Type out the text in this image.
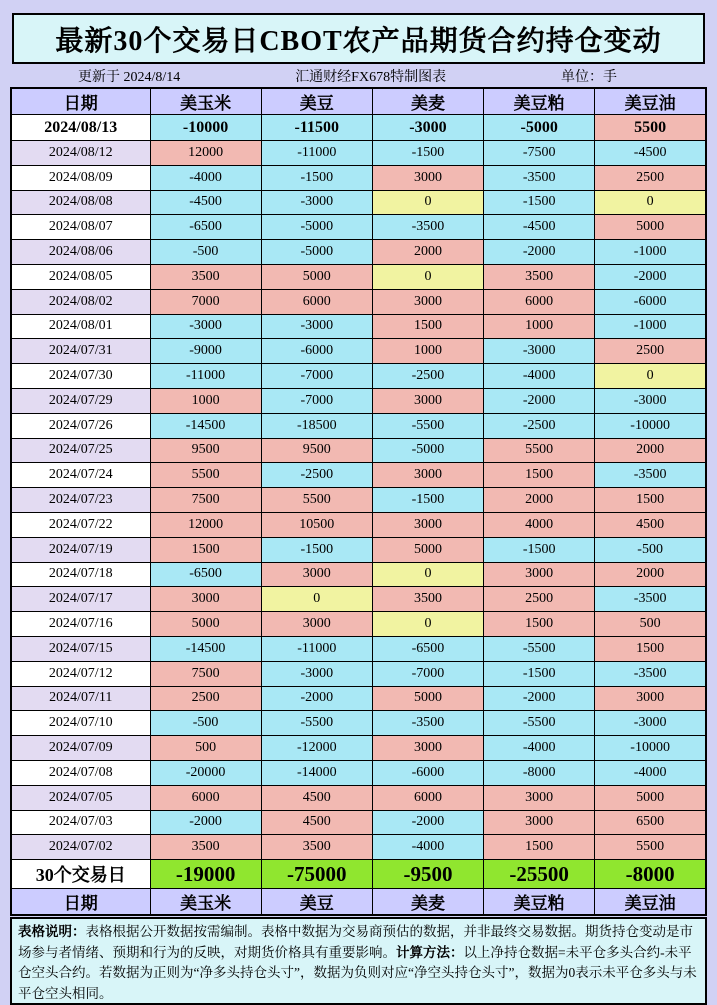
最新30个交易日CBOT农产品期货合约持仓变动
更新于 2024/8/14	汇通财经FX678特制图表	单位：手
日期	美玉米	美豆	美麦	美豆粕	美豆油
2024/08/13	-10000	-11500	-3000	-5000	5500
2024/08/12	12000	-11000	-1500	-7500	-4500
2024/08/09	-4000	-1500	3000	-3500	2500
2024/08/08	-4500	-3000	0	-1500	0
2024/08/07	-6500	-5000	-3500	-4500	5000
2024/08/06	-500	-5000	2000	-2000	-1000
2024/08/05	3500	5000	0	3500	-2000
2024/08/02	7000	6000	3000	6000	-6000
2024/08/01	-3000	-3000	1500	1000	-1000
2024/07/31	-9000	-6000	1000	-3000	2500
2024/07/30	-11000	-7000	-2500	-4000	0
2024/07/29	1000	-7000	3000	-2000	-3000
2024/07/26	-14500	-18500	-5500	-2500	-10000
2024/07/25	9500	9500	-5000	5500	2000
2024/07/24	5500	-2500	3000	1500	-3500
2024/07/23	7500	5500	-1500	2000	1500
2024/07/22	12000	10500	3000	4000	4500
2024/07/19	1500	-1500	5000	-1500	-500
2024/07/18	-6500	3000	0	3000	2000
2024/07/17	3000	0	3500	2500	-3500
2024/07/16	5000	3000	0	1500	500
2024/07/15	-14500	-11000	-6500	-5500	1500
2024/07/12	7500	-3000	-7000	-1500	-3500
2024/07/11	2500	-2000	5000	-2000	3000
2024/07/10	-500	-5500	-3500	-5500	-3000
2024/07/09	500	-12000	3000	-4000	-10000
2024/07/08	-20000	-14000	-6000	-8000	-4000
2024/07/05	6000	4500	6000	3000	5000
2024/07/03	-2000	4500	-2000	3000	6500
2024/07/02	3500	3500	-4000	1500	5500
30个交易日	-19000	-75000	-9500	-25500	-8000
日期	美玉米	美豆	美麦	美豆粕	美豆油
表格说明：表格根据公开数据按需编制。表格中数据为交易商预估的数据，并非最终交易数据。期货持仓变动是市场参与者情绪、预期和行为的反映，对期货价格具有重要影响。计算方法：以上净持仓数据=未平仓多头合约-未平仓空头合约。若数据为正则为“净多头持仓头寸”，数据为负则对应“净空头持仓头寸”，数据为0表示未平仓多头与未平仓空头相同。
